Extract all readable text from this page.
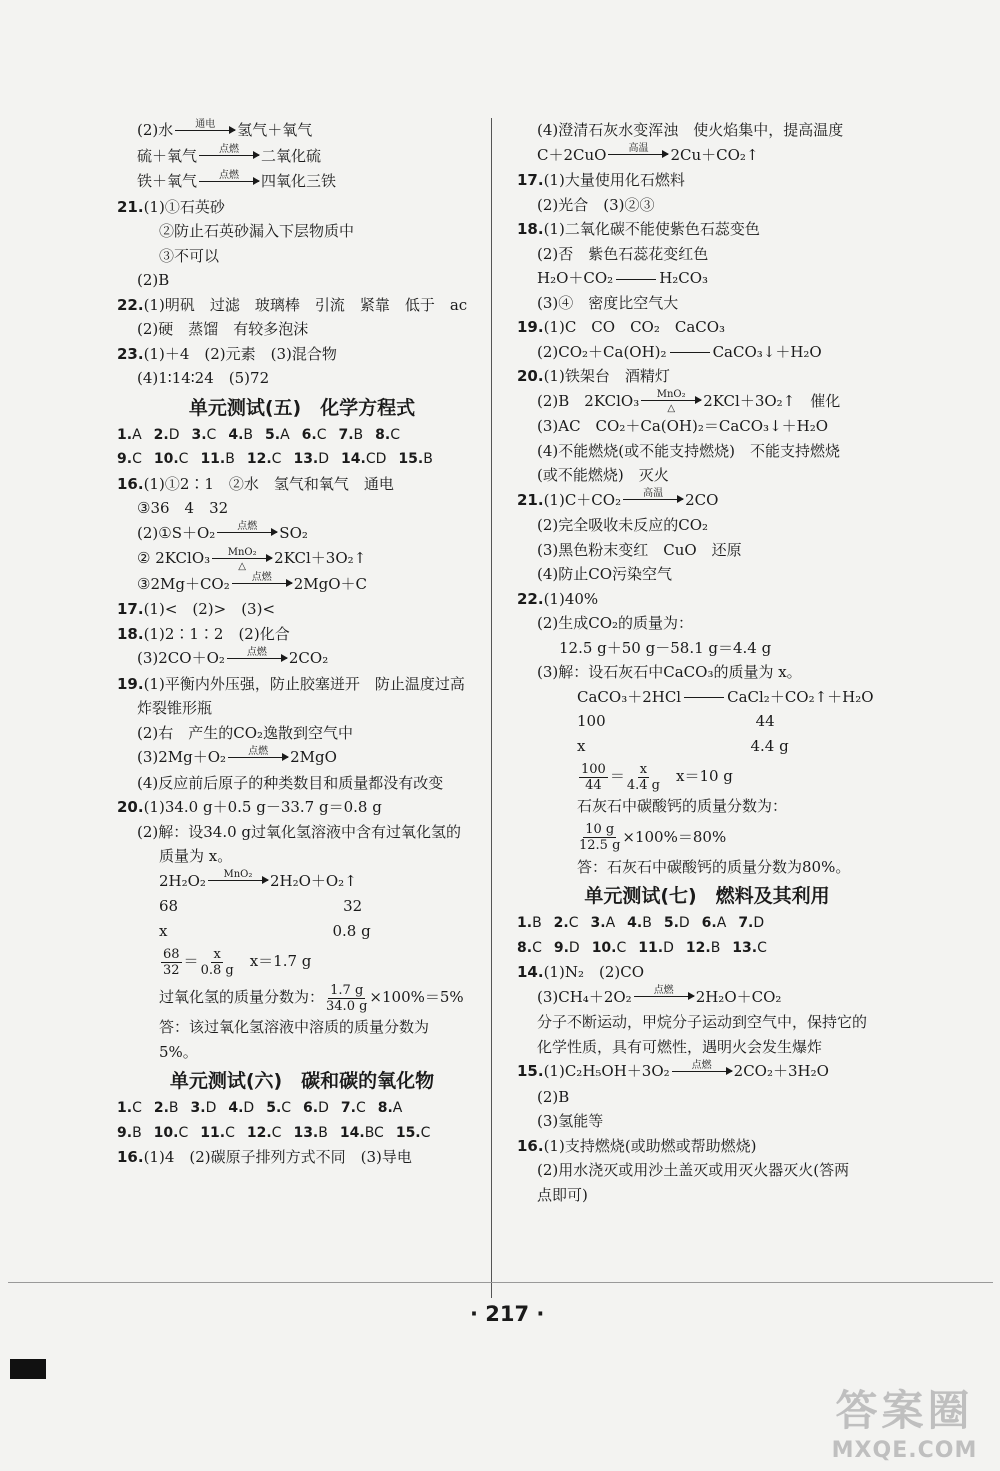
(2)水 通电 氢气＋氧气
硫＋氧气 点燃 二氧化硫
铁＋氧气 点燃 四氧化三铁
21.(1)①石英砂
②防止石英砂漏入下层物质中
③不可以
(2)B
22.(1)明矾　过滤　玻璃棒　引流　紧靠　低于　ac
(2)硬　蒸馏　有较多泡沫
23.(1)＋4　(2)元素　(3)混合物
(4)1∶14∶24　(5)72
单元测试(五)　化学方程式
1.A 2.D 3.C 4.B 5.A 6.C 7.B 8.C
9.C 10.C 11.B 12.C 13.D 14.CD 15.B
16.(1)①2∶1　②水　氢气和氧气　通电
③36　4　32
(2)①S＋O₂ 点燃 SO₂
② 2KClO₃ MnO₂
△ 2KCl＋3O₂↑
③2Mg＋CO₂ 点燃 2MgO＋C
17.(1)<　(2)>　(3)<
18.(1)2∶1∶2　(2)化合
(3)2CO＋O₂ 点燃 2CO₂
19.(1)平衡内外压强，防止胶塞迸开　防止温度过高
炸裂锥形瓶
(2)右　产生的CO₂逸散到空气中
(3)2Mg＋O₂ 点燃 2MgO
(4)反应前后原子的种类数目和质量都没有改变
20.(1)34.0 g＋0.5 g－33.7 g＝0.8 g
(2)解：设34.0 g过氧化氢溶液中含有过氧化氢的
质量为 x。
2H₂O₂ MnO₂ 2H₂O＋O₂↑
68　　　　　　　　　　　32
x　　　　　　　　　　　0.8 g
$\frac{68}{32} = \frac{x}{0.8 g} x=1.7$ g
过氧化氢的质量分数为： $\frac{1.7 g}{34.0 g} \times 100\%=5\%$
答：该过氧化氢溶液中溶质的质量分数为
5%。
单元测试(六)　碳和碳的氧化物
1.C 2.B 3.D 4.D 5.C 6.D 7.C 8.A
9.B 10.C 11.C 12.C 13.B 14.BC 15.C
16.(1)4　(2)碳原子排列方式不同　(3)导电
(4)澄清石灰水变浑浊　使火焰集中，提高温度
C＋2CuO 高温 2Cu＋CO₂↑
17.(1)大量使用化石燃料
(2)光合　(3)②③
18.(1)二氧化碳不能使紫色石蕊变色
(2)否　紫色石蕊花变红色
H₂O＋CO₂	H₂CO₃
(3)④　密度比空气大
19.(1)C　CO　CO₂　CaCO₃
(2)CO₂＋Ca(OH)₂	CaCO₃↓＋H₂O
20.(1)铁架台　酒精灯
(2)B　2KClO₃ MnO₂
△ 2KCl＋3O₂↑　催化
(3)AC　CO₂＋Ca(OH)₂＝CaCO₃↓＋H₂O
(4)不能燃烧(或不能支持燃烧)　不能支持燃烧
(或不能燃烧)　灭火
21.(1)C＋CO₂ 高温 2CO
(2)完全吸收未反应的CO₂
(3)黑色粉末变红　CuO　还原
(4)防止CO污染空气
22.(1)40%
(2)生成CO₂的质量为：
12.5 g＋50 g－58.1 g＝4.4 g
(3)解：设石灰石中CaCO₃的质量为 x。
CaCO₃＋2HCl	CaCl₂＋CO₂↑＋H₂O
100　　　　　　　　　　44
x　　　　　　　　　　　4.4 g
$\frac{100}{44} = \frac{x}{4.4 g} x=10$ g
石灰石中碳酸钙的质量分数为：
$\frac{10 g}{12.5 g} \times 100\%=80\%$
答：石灰石中碳酸钙的质量分数为80%。
单元测试(七)　燃料及其利用
1.B 2.C 3.A 4.B 5.D 6.A 7.D
8.C 9.D 10.C 11.D 12.B 13.C
14.(1)N₂　(2)CO
(3)CH₄＋2O₂ 点燃 2H₂O＋CO₂
分子不断运动，甲烷分子运动到空气中，保持它的
化学性质，具有可燃性，遇明火会发生爆炸
15.(1)C₂H₅OH＋3O₂ 点燃 2CO₂＋3H₂O
(2)B
(3)氢能等
16.(1)支持燃烧(或助燃或帮助燃烧)
(2)用水浇灭或用沙土盖灭或用灭火器灭火(答两
点即可)
· 217 ·
答案圈
MXQE.COM
